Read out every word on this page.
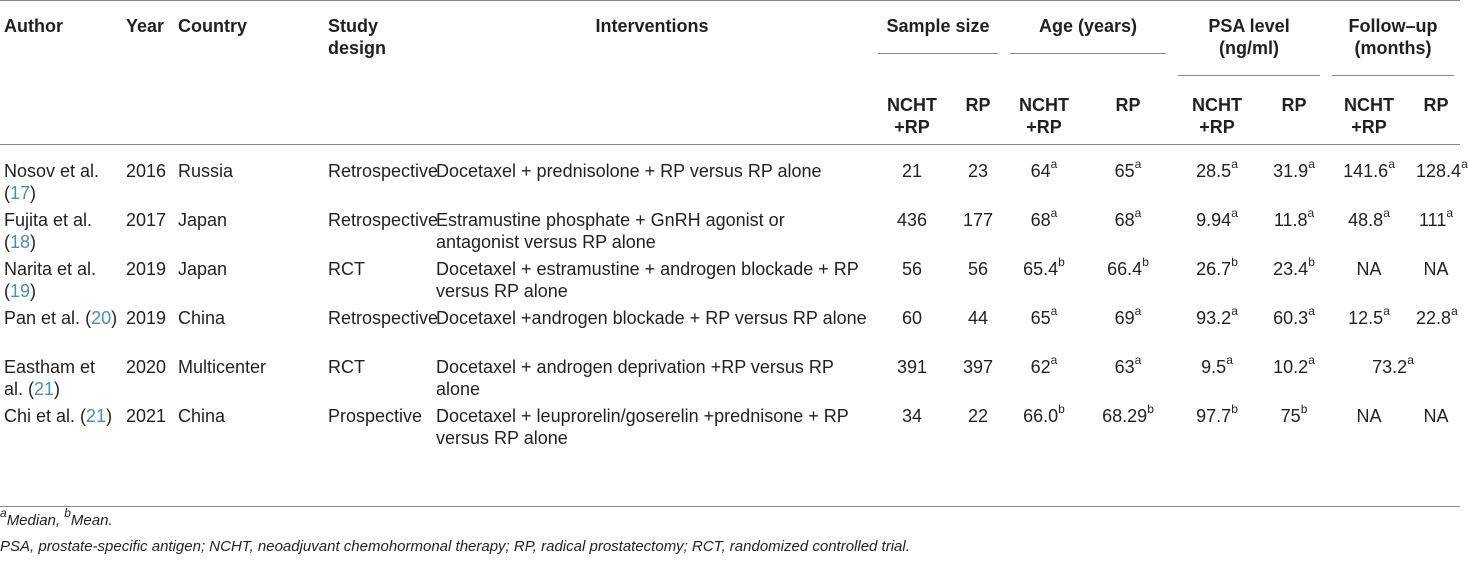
Author	Year	Country	Study design	Interventions	Sample size		Age (years)		PSA level (ng/ml)		Follow–up (months)	

					NCHT +RP	RP	NCHT +RP	RP	NCHT +RP	RP	NCHT +RP	RP
Nosov et al. (17)	2016	Russia	Retrospective	Docetaxel + prednisolone + RP versus RP alone	21	23	64$^a$	65$^a$	28.5$^a$	31.9$^a$	141.6$^a$	128.4$^a$
Fujita et al. (18)	2017	Japan	Retrospective	Estramustine phosphate + GnRH agonist or antagonist versus RP alone	436	177	68$^a$	68$^a$	9.94$^a$	11.8$^a$	48.8$^a$	111$^a$
Narita et al. (19)	2019	Japan	RCT	Docetaxel + estramustine + androgen blockade + RP versus RP alone	56	56	65.4$^b$	66.4$^b$	26.7$^b$	23.4$^b$	NA	NA
Pan et al. (20)	2019	China	Retrospective	Docetaxel +androgen blockade + RP versus RP alone	60	44	65$^a$	69$^a$	93.2$^a$	60.3$^a$	12.5$^a$	22.8$^a$
Eastham et al. (21)	2020	Multicenter	RCT	Docetaxel + androgen deprivation +RP versus RP alone	391	397	62$^a$	63$^a$	9.5$^a$	10.2$^a$	73.2$^a$
Chi et al. (21)	2021	China	Prospective	Docetaxel + leuprorelin/goserelin +prednisone + RP versus RP alone	34	22	66.0$^b$	68.29$^b$	97.7$^b$	75$^b$	NA	NA
$^a$Median, $^b$Mean.
PSA, prostate-specific antigen; NCHT, neoadjuvant chemohormonal therapy; RP, radical prostatectomy; RCT, randomized controlled trial.
